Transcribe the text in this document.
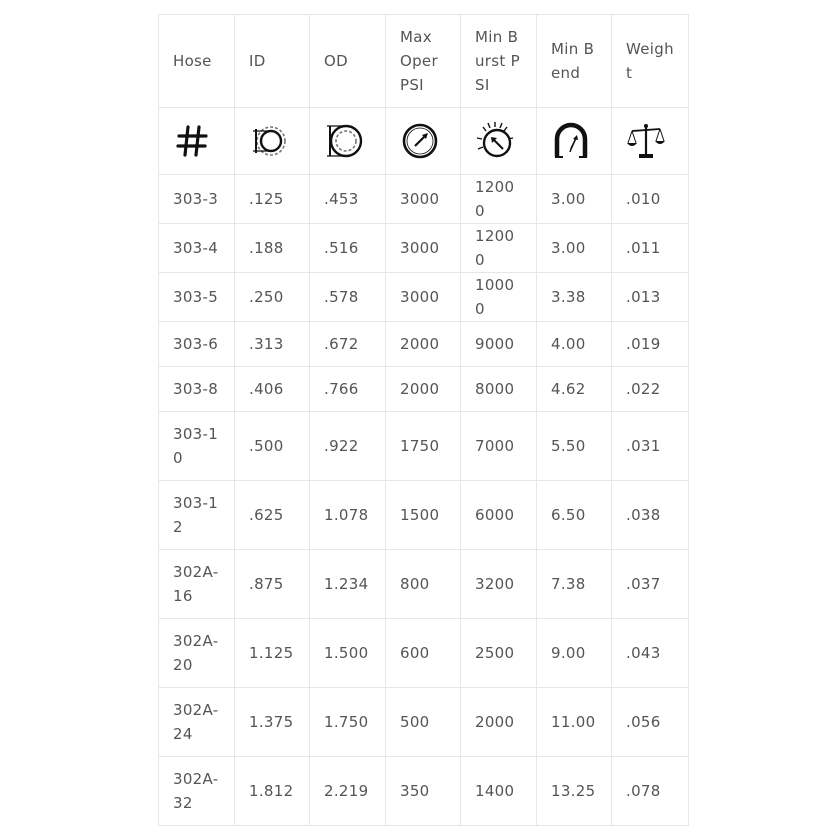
Hose	ID	OD	Max Oper PSI	Min Burst PSI	Min Bend	Weight

303-3	.125	.453	3000	12000	3.00	.010
303-4	.188	.516	3000	12000	3.00	.011
303-5	.250	.578	3000	10000	3.38	.013
303-6	.313	.672	2000	9000	4.00	.019
303-8	.406	.766	2000	8000	4.62	.022
303-10	.500	.922	1750	7000	5.50	.031
303-12	.625	1.078	1500	6000	6.50	.038
302A-16	.875	1.234	800	3200	7.38	.037
302A-20	1.125	1.500	600	2500	9.00	.043
302A-24	1.375	1.750	500	2000	11.00	.056
302A-32	1.812	2.219	350	1400	13.25	.078
